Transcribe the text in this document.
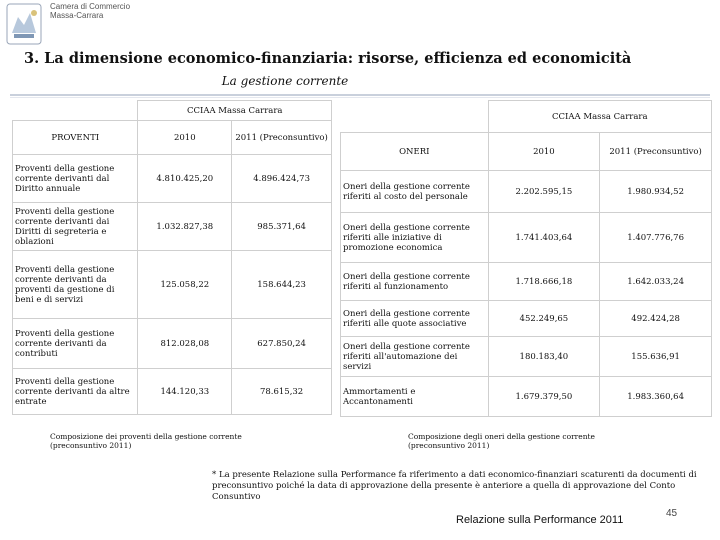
Camera di Commercio
Massa-Carrara
3. La dimensione economico-finanziaria: risorse, efficienza ed economicità
La gestione corrente
	CCIAA Massa Carrara	
PROVENTI	2010	2011 (Preconsuntivo)
Proventi della gestione corrente derivanti dal Diritto annuale	4.810.425,20	4.896.424,73
Proventi della gestione corrente derivanti dai Diritti di segreteria e oblazioni	1.032.827,38	985.371,64
Proventi della gestione corrente derivanti da proventi da gestione di beni e di servizi	125.058,22	158.644,23
Proventi della gestione corrente derivanti da contributi	812.028,08	627.850,24
Proventi della gestione corrente derivanti da altre entrate	144.120,33	78.615,32
	CCIAA Massa Carrara	
ONERI	2010	2011 (Preconsuntivo)
Oneri della gestione corrente riferiti al costo del personale	2.202.595,15	1.980.934,52
Oneri della gestione corrente riferiti alle iniziative di promozione economica	1.741.403,64	1.407.776,76
Oneri della gestione corrente riferiti al funzionamento	1.718.666,18	1.642.033,24
Oneri della gestione corrente riferiti alle quote associative	452.249,65	492.424,28
Oneri della gestione corrente riferiti all'automazione dei servizi	180.183,40	155.636,91
Ammortamenti e Accantonamenti	1.679.379,50	1.983.360,64
Composizione dei proventi della gestione corrente (preconsuntivo 2011)
Composizione degli oneri della gestione corrente (preconsuntivo 2011)
* La presente Relazione sulla Performance fa riferimento a dati economico-finanziari scaturenti da documenti di preconsuntivo poiché la data di approvazione della presente è anteriore a quella di approvazione del Conto Consuntivo
Relazione sulla Performance 2011
45
